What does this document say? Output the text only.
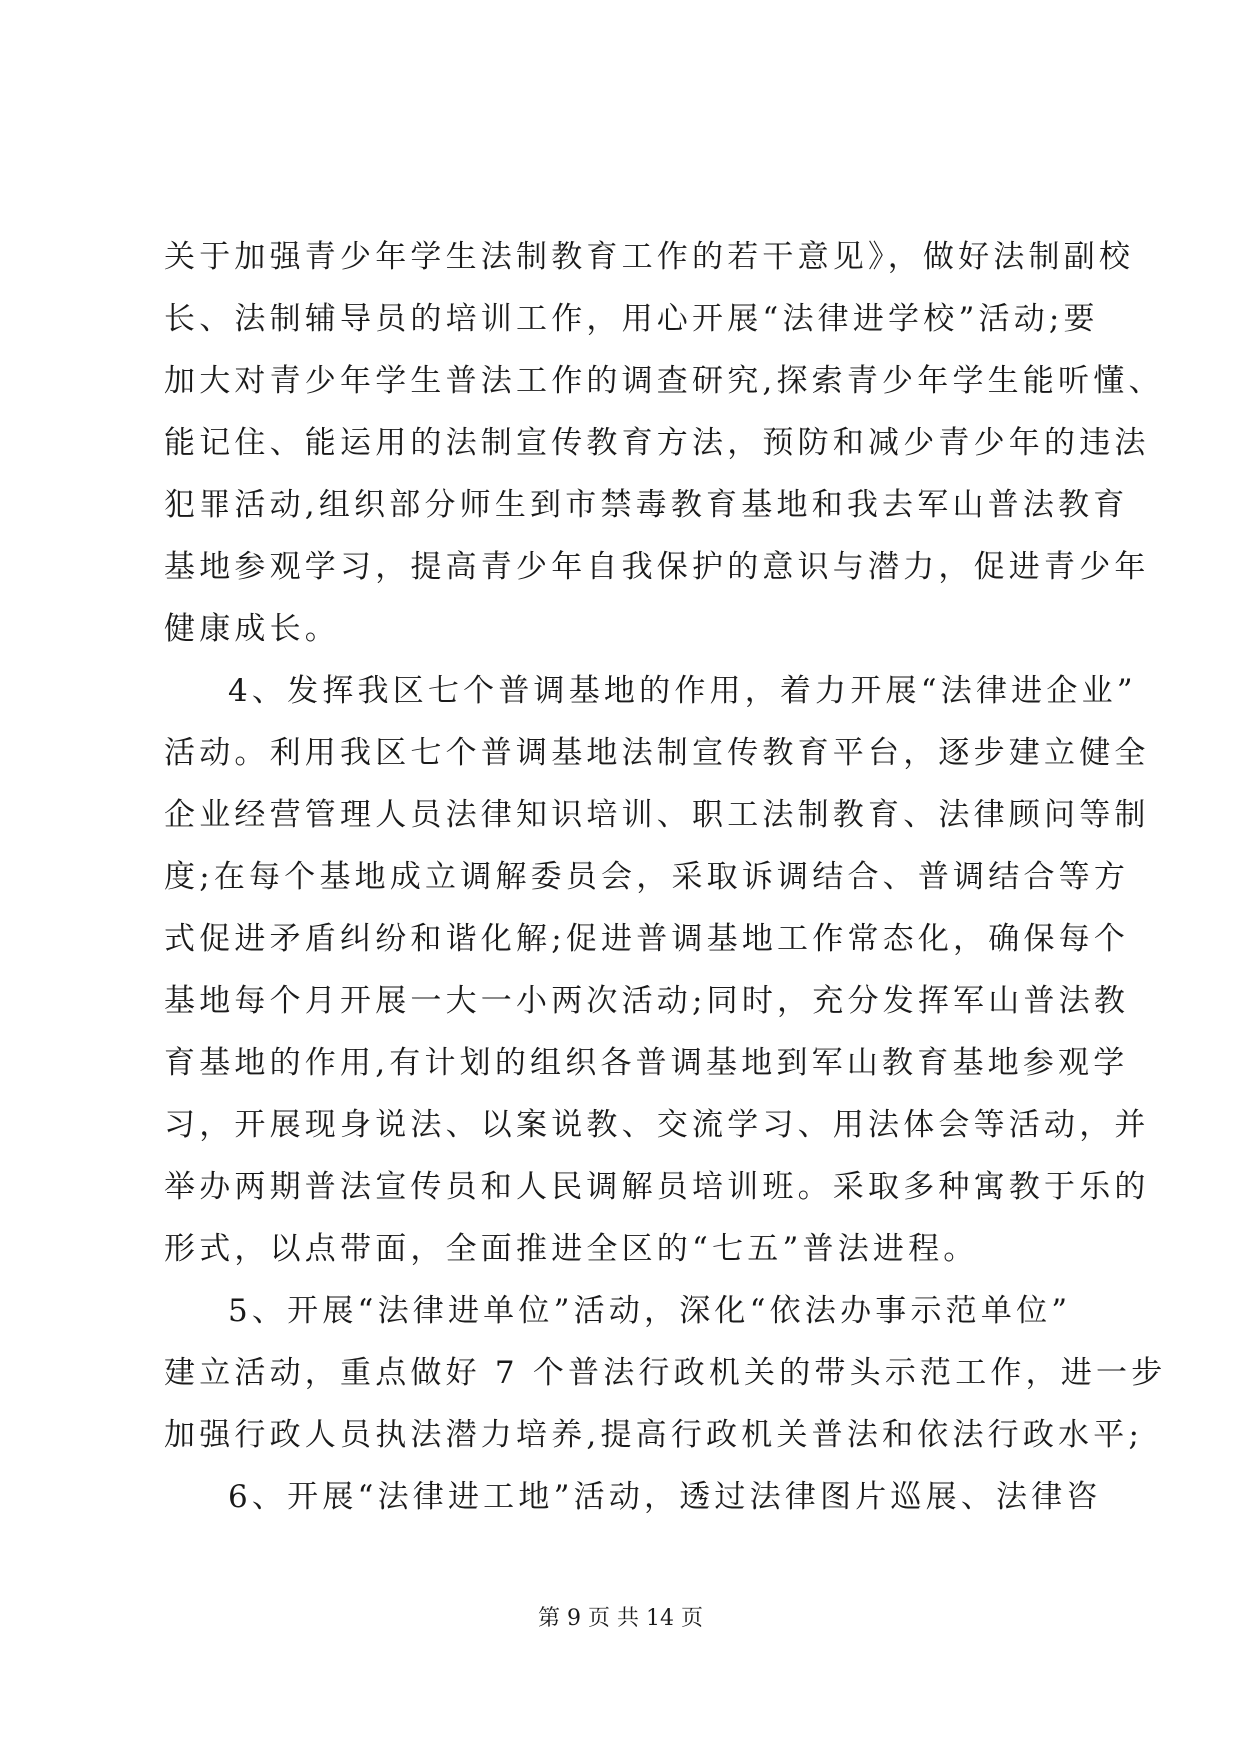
关于加强青少年学生法制教育工作的若干意见》，做好法制副校
长、法制辅导员的培训工作，用心开展“法律进学校”活动;要
加大对青少年学生普法工作的调查研究,探索青少年学生能听懂、
能记住、能运用的法制宣传教育方法，预防和减少青少年的违法
犯罪活动,组织部分师生到市禁毒教育基地和我去军山普法教育
基地参观学习，提高青少年自我保护的意识与潜力，促进青少年
健康成长。
4、发挥我区七个普调基地的作用，着力开展“法律进企业”
活动。利用我区七个普调基地法制宣传教育平台，逐步建立健全
企业经营管理人员法律知识培训、职工法制教育、法律顾问等制
度;在每个基地成立调解委员会，采取诉调结合、普调结合等方
式促进矛盾纠纷和谐化解;促进普调基地工作常态化，确保每个
基地每个月开展一大一小两次活动;同时，充分发挥军山普法教
育基地的作用,有计划的组织各普调基地到军山教育基地参观学
习，开展现身说法、以案说教、交流学习、用法体会等活动，并
举办两期普法宣传员和人民调解员培训班。采取多种寓教于乐的
形式，以点带面，全面推进全区的“七五”普法进程。
5、开展“法律进单位”活动，深化“依法办事示范单位”
建立活动，重点做好 7 个普法行政机关的带头示范工作，进一步
加强行政人员执法潜力培养,提高行政机关普法和依法行政水平;
6、开展“法律进工地”活动，透过法律图片巡展、法律咨
第 9 页 共 14 页
